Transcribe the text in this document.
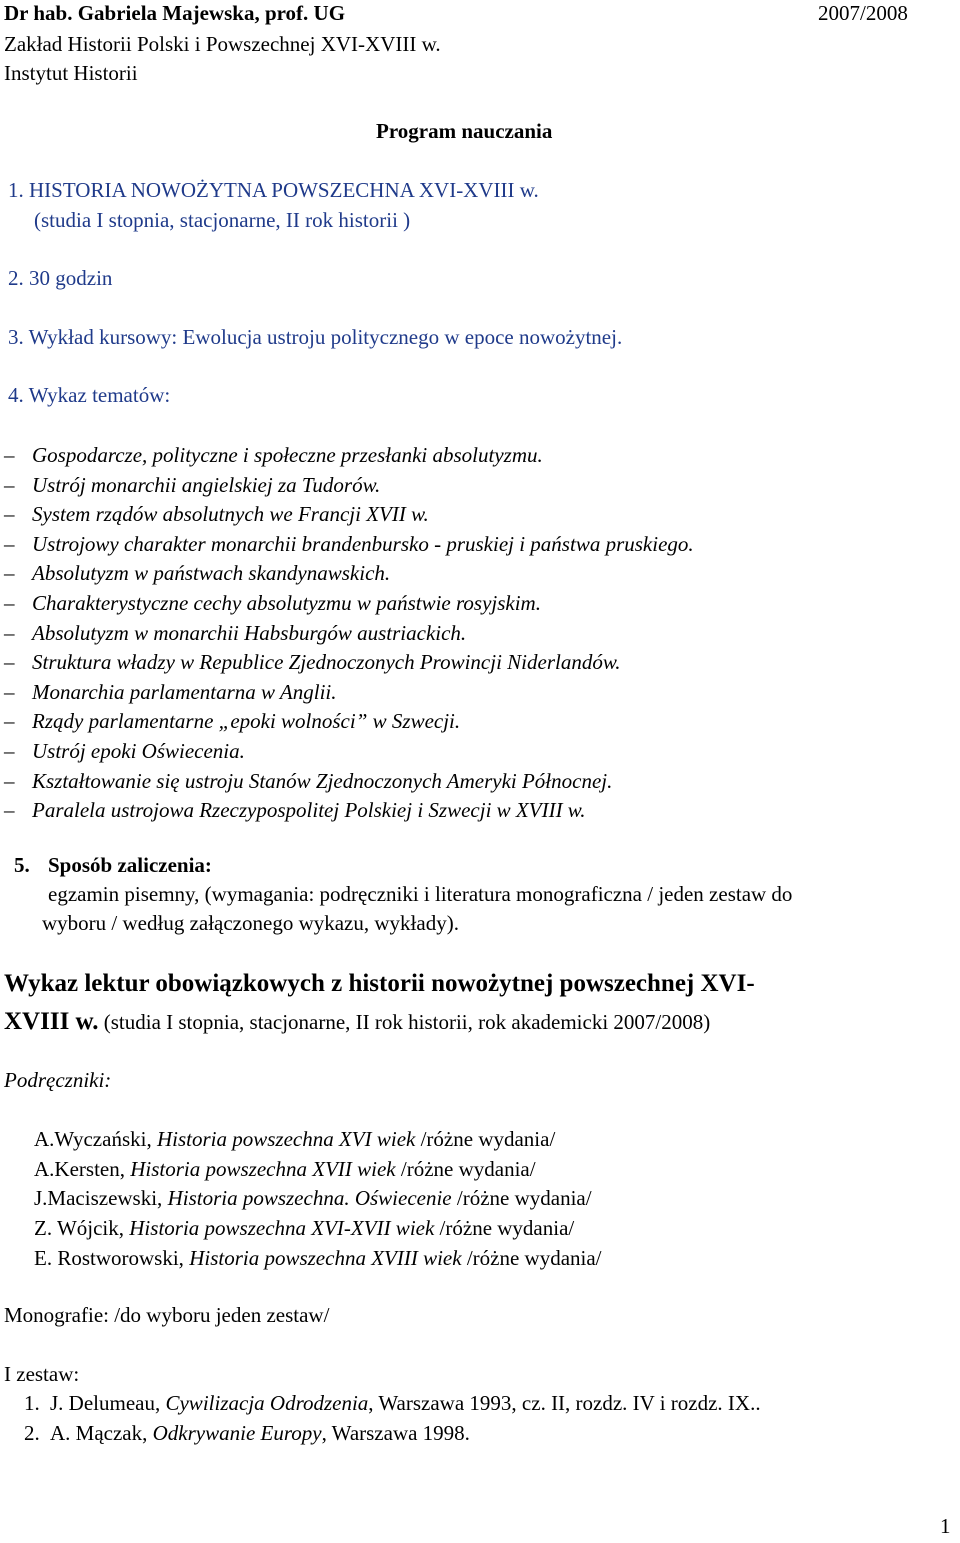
Dr hab. Gabriela Majewska, prof. UG	2007/2008
Zakład Historii Polski i Powszechnej XVI-XVIII w.
Instytut Historii
Program nauczania
1. HISTORIA NOWOŻYTNA POWSZECHNA XVI-XVIII w.
(studia I stopnia, stacjonarne, II rok historii )
2. 30 godzin
3. Wykład kursowy: Ewolucja ustroju politycznego w epoce nowożytnej.
4. Wykaz tematów:
– Gospodarcze, polityczne i społeczne przesłanki absolutyzmu.
– Ustrój monarchii angielskiej za Tudorów.
– System rządów absolutnych we Francji XVII w.
– Ustrojowy charakter monarchii brandenbursko - pruskiej i państwa pruskiego.
– Absolutyzm w państwach skandynawskich.
– Charakterystyczne cechy absolutyzmu w państwie rosyjskim.
– Absolutyzm w monarchii Habsburgów austriackich.
– Struktura władzy w Republice Zjednoczonych Prowincji Niderlandów.
– Monarchia parlamentarna w Anglii.
– Rządy parlamentarne „epoki wolności” w Szwecji.
– Ustrój epoki Oświecenia.
– Kształtowanie się ustroju Stanów Zjednoczonych Ameryki Północnej.
– Paralela ustrojowa Rzeczypospolitej Polskiej i Szwecji w XVIII w.
5. Sposób zaliczenia:
egzamin pisemny, (wymagania: podręczniki i literatura monograficzna / jeden zestaw do
wyboru / według załączonego wykazu, wykłady).
Wykaz lektur obowiązkowych z historii nowożytnej powszechnej XVI-
XVIII w. (studia I stopnia, stacjonarne, II rok historii, rok akademicki 2007/2008)
Podręczniki:
A.Wyczański, Historia powszechna XVI wiek /różne wydania/
A.Kersten, Historia powszechna XVII wiek /różne wydania/
J.Maciszewski, Historia powszechna. Oświecenie /różne wydania/
Z. Wójcik, Historia powszechna XVI-XVII wiek /różne wydania/
E. Rostworowski, Historia powszechna XVIII wiek /różne wydania/
Monografie: /do wyboru jeden zestaw/
I zestaw:
1. J. Delumeau, Cywilizacja Odrodzenia, Warszawa 1993, cz. II, rozdz. IV i rozdz. IX..
2. A. Mączak, Odkrywanie Europy, Warszawa 1998.
1
